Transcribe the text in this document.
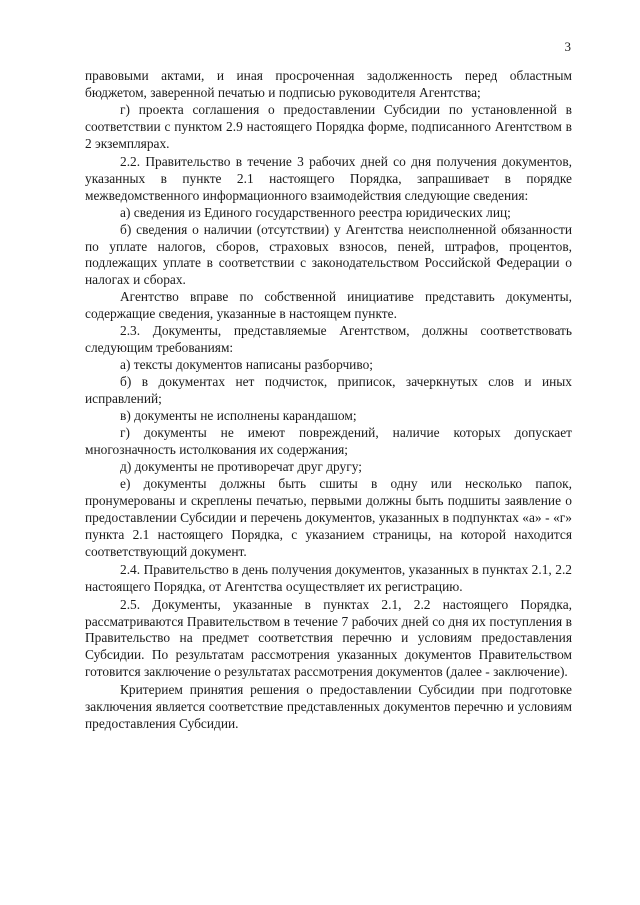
3

правовыми актами, и иная просроченная задолженность перед областным бюджетом, заверенной печатью и подписью руководителя Агентства;

г) проекта соглашения о предоставлении Субсидии по установленной в соответствии с пунктом 2.9 настоящего Порядка форме, подписанного Агентством в 2 экземплярах.

2.2. Правительство в течение 3 рабочих дней со дня получения документов, указанных в пункте 2.1 настоящего Порядка, запрашивает в порядке межведомственного информационного взаимодействия следующие сведения:

а) сведения из Единого государственного реестра юридических лиц;

б) сведения о наличии (отсутствии) у Агентства неисполненной обязанности по уплате налогов, сборов, страховых взносов, пеней, штрафов, процентов, подлежащих уплате в соответствии с законодательством Российской Федерации о налогах и сборах.

Агентство вправе по собственной инициативе представить документы, содержащие сведения, указанные в настоящем пункте.

2.3. Документы, представляемые Агентством, должны соответствовать следующим требованиям:

а) тексты документов написаны разборчиво;

б) в документах нет подчисток, приписок, зачеркнутых слов и иных исправлений;

в) документы не исполнены карандашом;

г) документы не имеют повреждений, наличие которых допускает многозначность истолкования их содержания;

д) документы не противоречат друг другу;

е) документы должны быть сшиты в одну или несколько папок, пронумерованы и скреплены печатью, первыми должны быть подшиты заявление о предоставлении Субсидии и перечень документов, указанных в подпунктах «а» - «г» пункта 2.1 настоящего Порядка, с указанием страницы, на которой находится соответствующий документ.

2.4. Правительство в день получения документов, указанных в пунктах 2.1, 2.2 настоящего Порядка, от Агентства осуществляет их регистрацию.

2.5. Документы, указанные в пунктах 2.1, 2.2 настоящего Порядка, рассматриваются Правительством в течение 7 рабочих дней со дня их поступления в Правительство на предмет соответствия перечню и условиям предоставления Субсидии. По результатам рассмотрения указанных документов Правительством готовится заключение о результатах рассмотрения документов (далее - заключение).

Критерием принятия решения о предоставлении Субсидии при подготовке заключения является соответствие представленных документов перечню и условиям предоставления Субсидии.
